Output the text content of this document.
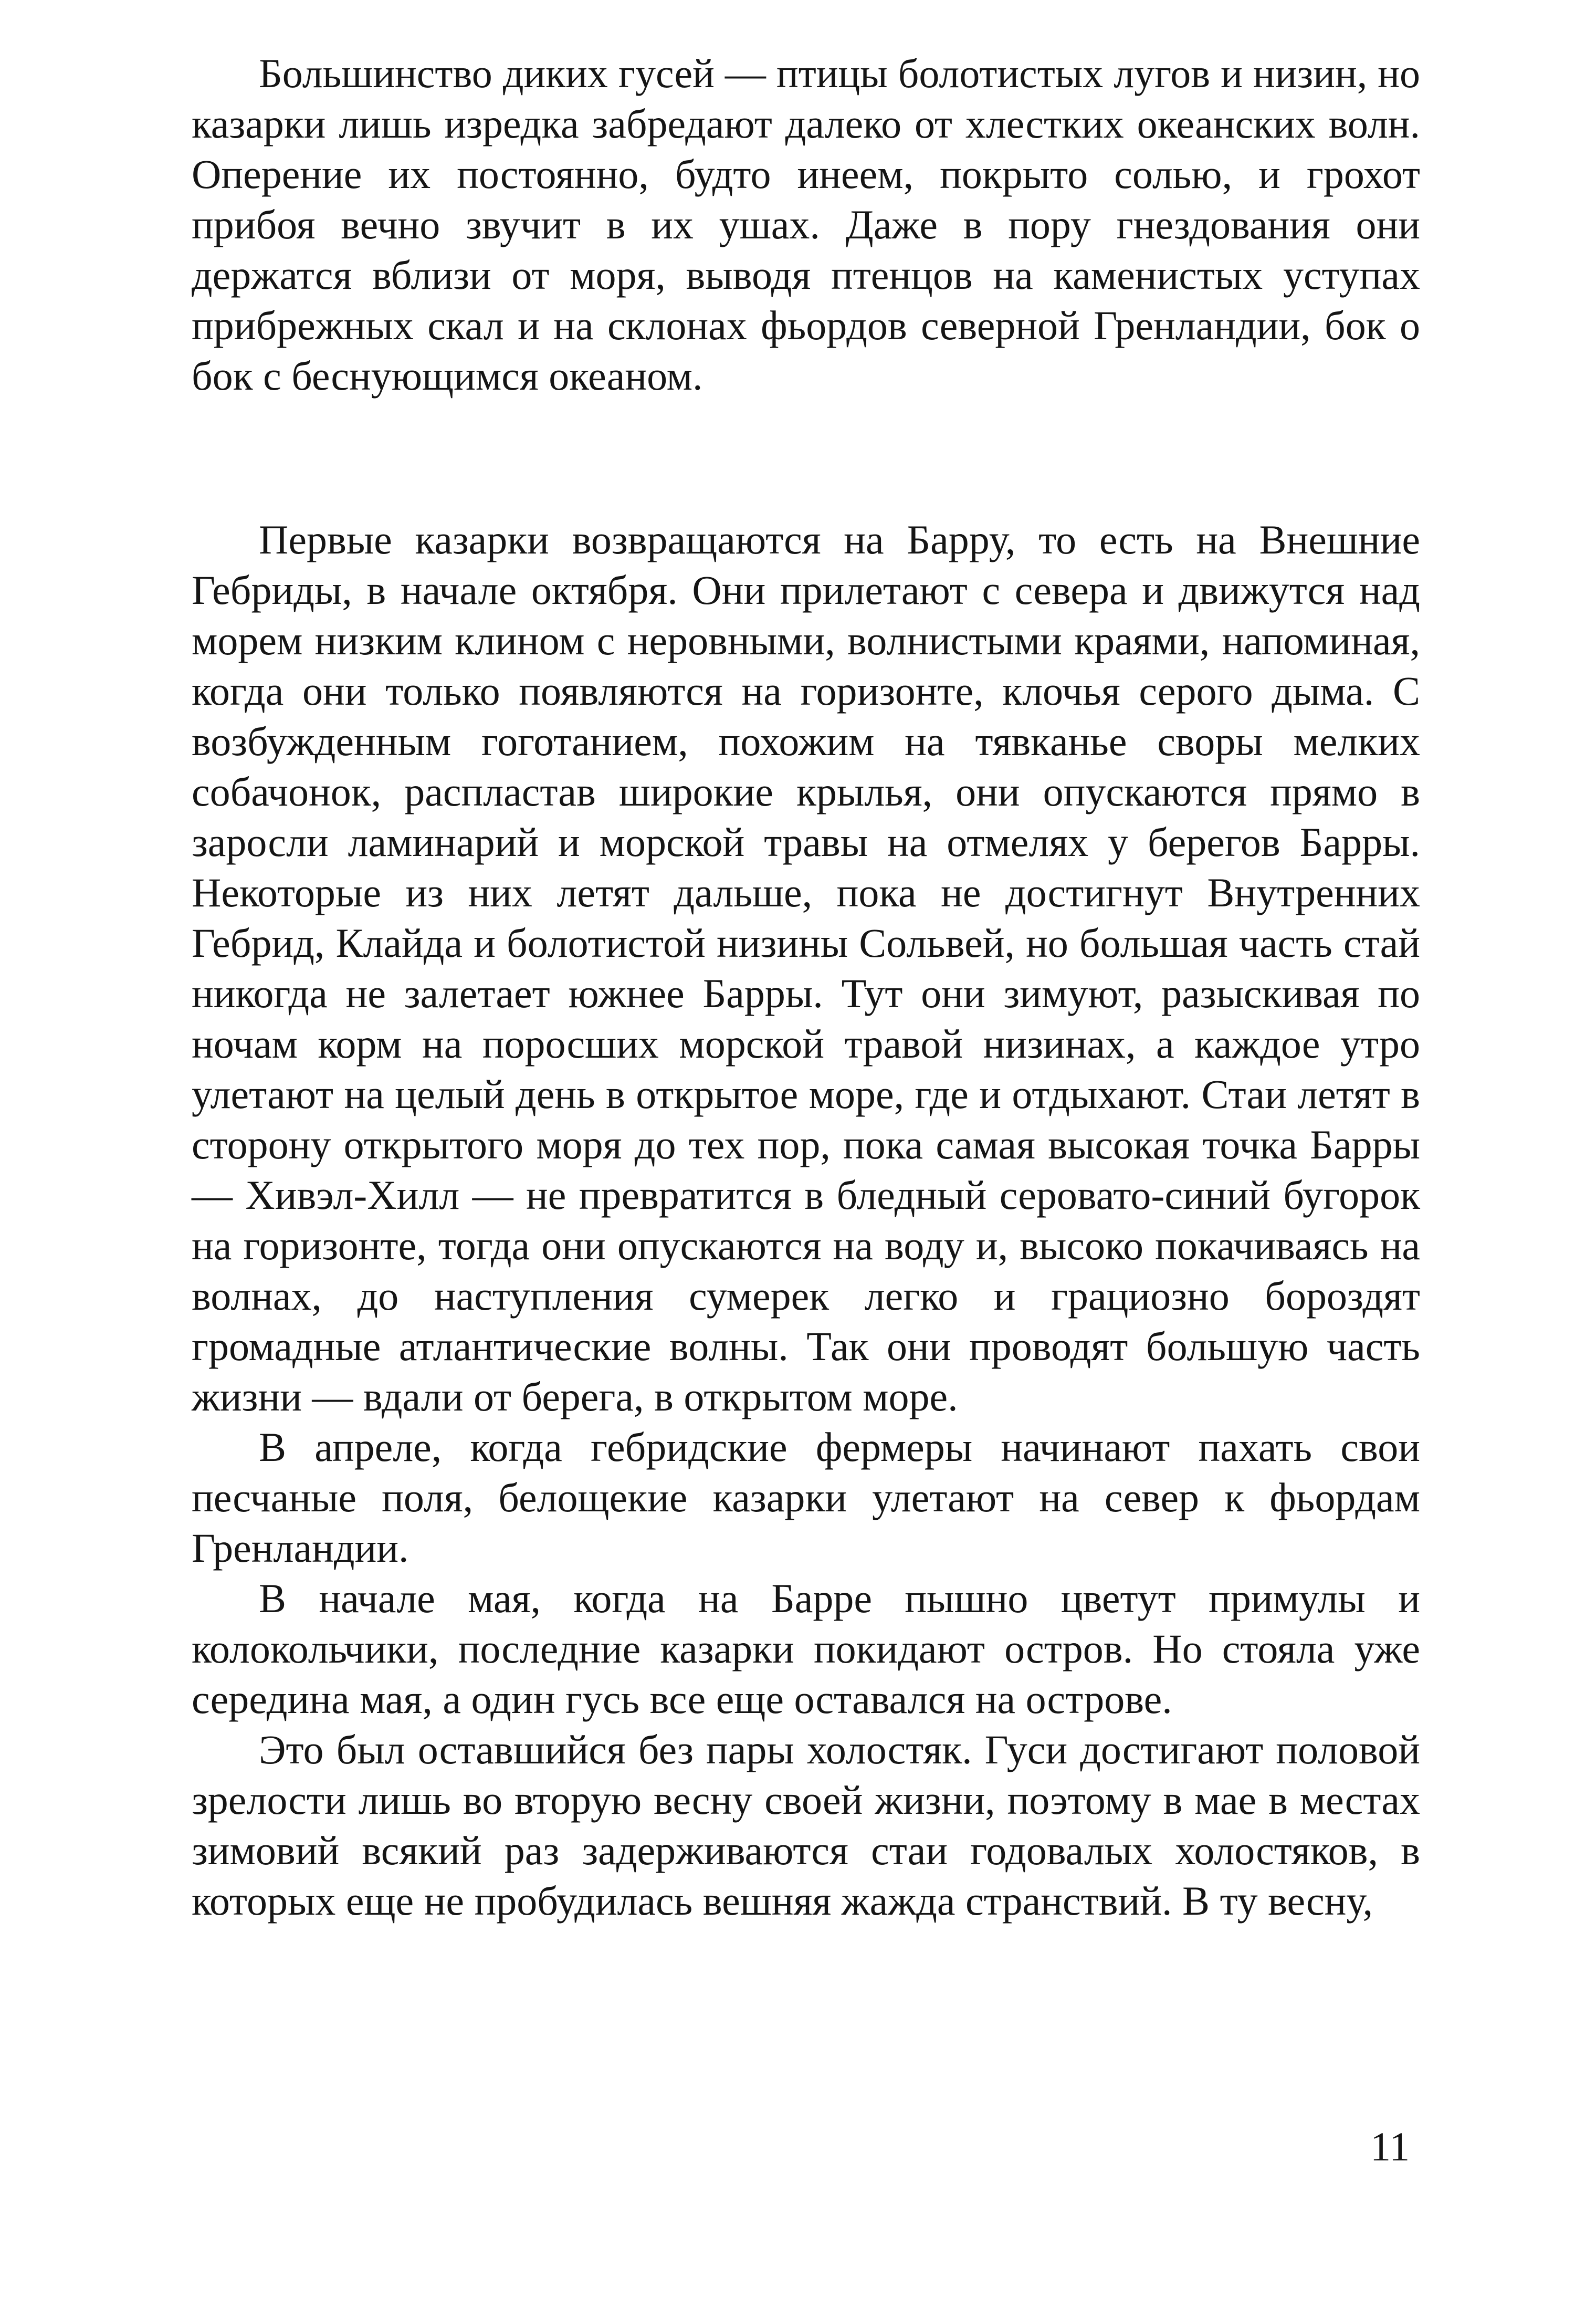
Большинство диких гусей — птицы болотистых лугов и низин, но казарки лишь изредка забредают далеко от хлестких океанских волн. Оперение их постоянно, будто инеем, покрыто солью, и грохот прибоя вечно звучит в их ушах. Даже в пору гнездования они держатся вблизи от моря, выводя птенцов на каменистых уступах прибрежных скал и на склонах фьордов северной Гренландии, бок о бок с беснующимся океаном.

Первые казарки возвращаются на Барру, то есть на Внешние Гебриды, в начале октября. Они прилетают с севера и движутся над морем низким клином с неровными, волнистыми краями, напоминая, когда они только появляются на горизонте, клочья серого дыма. С возбужденным гоготанием, похожим на тявканье своры мелких собачонок, распластав широкие крылья, они опускаются прямо в заросли ламинарий и морской травы на отмелях у берегов Барры. Некоторые из них летят дальше, пока не достигнут Внутренних Гебрид, Клайда и болотистой низины Сольвей, но большая часть стай никогда не залетает южнее Барры. Тут они зимуют, разыскивая по ночам корм на поросших морской травой низинах, а каждое утро улетают на целый день в открытое море, где и отдыхают. Стаи летят в сторону открытого моря до тех пор, пока самая высокая точка Барры — Хивэл-Хилл — не превратится в бледный серовато-синий бугорок на горизонте, тогда они опускаются на воду и, высоко покачиваясь на волнах, до наступления сумерек легко и грациозно бороздят громадные атлантические волны. Так они проводят большую часть жизни — вдали от берега, в открытом море.

В апреле, когда гебридские фермеры начинают пахать свои песчаные поля, белощекие казарки улетают на север к фьордам Гренландии.

В начале мая, когда на Барре пышно цветут примулы и колокольчики, последние казарки покидают остров. Но стояла уже середина мая, а один гусь все еще оставался на острове.

Это был оставшийся без пары холостяк. Гуси достигают половой зрелости лишь во вторую весну своей жизни, поэтому в мае в местах зимовий всякий раз задерживаются стаи годовалых холостяков, в которых еще не пробудилась вешняя жажда странствий. В ту весну,

11
